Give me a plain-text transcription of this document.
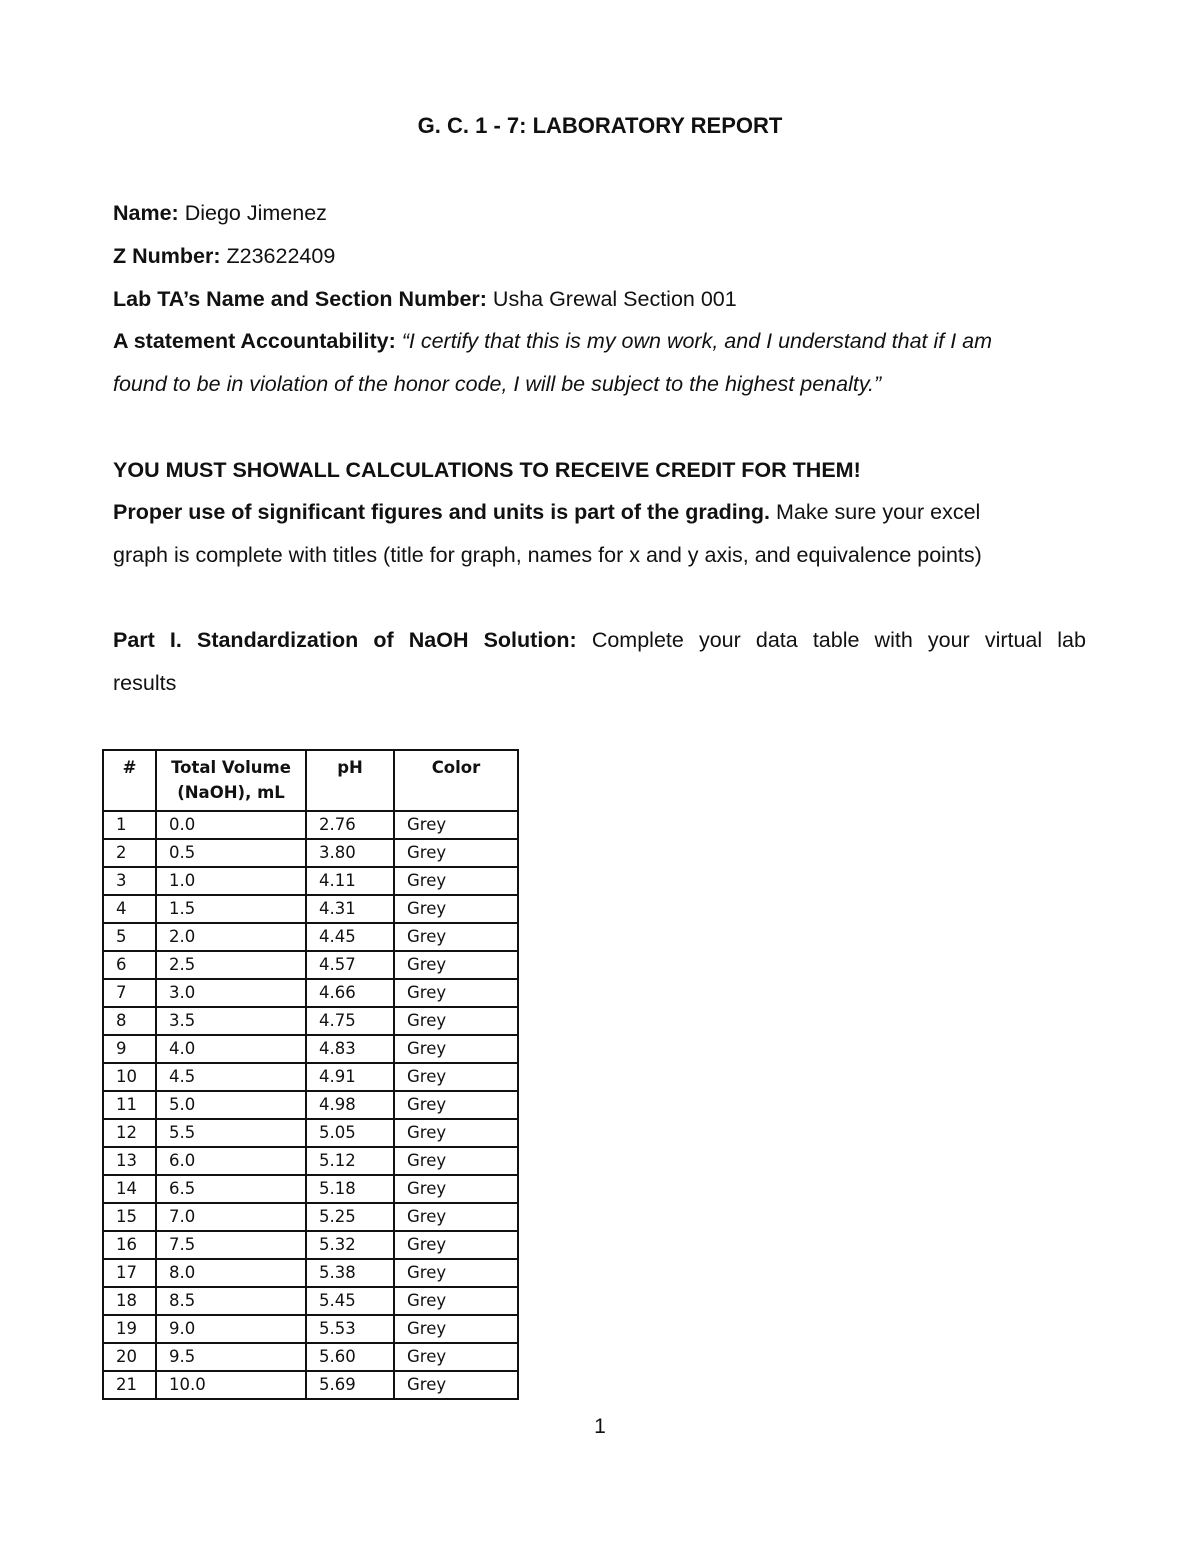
G. C. 1 - 7: LABORATORY REPORT
Name: Diego Jimenez
Z Number: Z23622409
Lab TA’s Name and Section Number: Usha Grewal Section 001
A statement Accountability: “I certify that this is my own work, and I understand that if I am
found to be in violation of the honor code, I will be subject to the highest penalty.”
YOU MUST SHOWALL CALCULATIONS TO RECEIVE CREDIT FOR THEM!
Proper use of significant figures and units is part of the grading. Make sure your excel
graph is complete with titles (title for graph, names for x and y axis, and equivalence points)
Part I. Standardization of NaOH Solution: Complete your data table with your virtual lab
results
#	Total Volume (NaOH), mL	pH	Color
1	0.0	2.76	Grey
2	0.5	3.80	Grey
3	1.0	4.11	Grey
4	1.5	4.31	Grey
5	2.0	4.45	Grey
6	2.5	4.57	Grey
7	3.0	4.66	Grey
8	3.5	4.75	Grey
9	4.0	4.83	Grey
10	4.5	4.91	Grey
11	5.0	4.98	Grey
12	5.5	5.05	Grey
13	6.0	5.12	Grey
14	6.5	5.18	Grey
15	7.0	5.25	Grey
16	7.5	5.32	Grey
17	8.0	5.38	Grey
18	8.5	5.45	Grey
19	9.0	5.53	Grey
20	9.5	5.60	Grey
21	10.0	5.69	Grey
1
